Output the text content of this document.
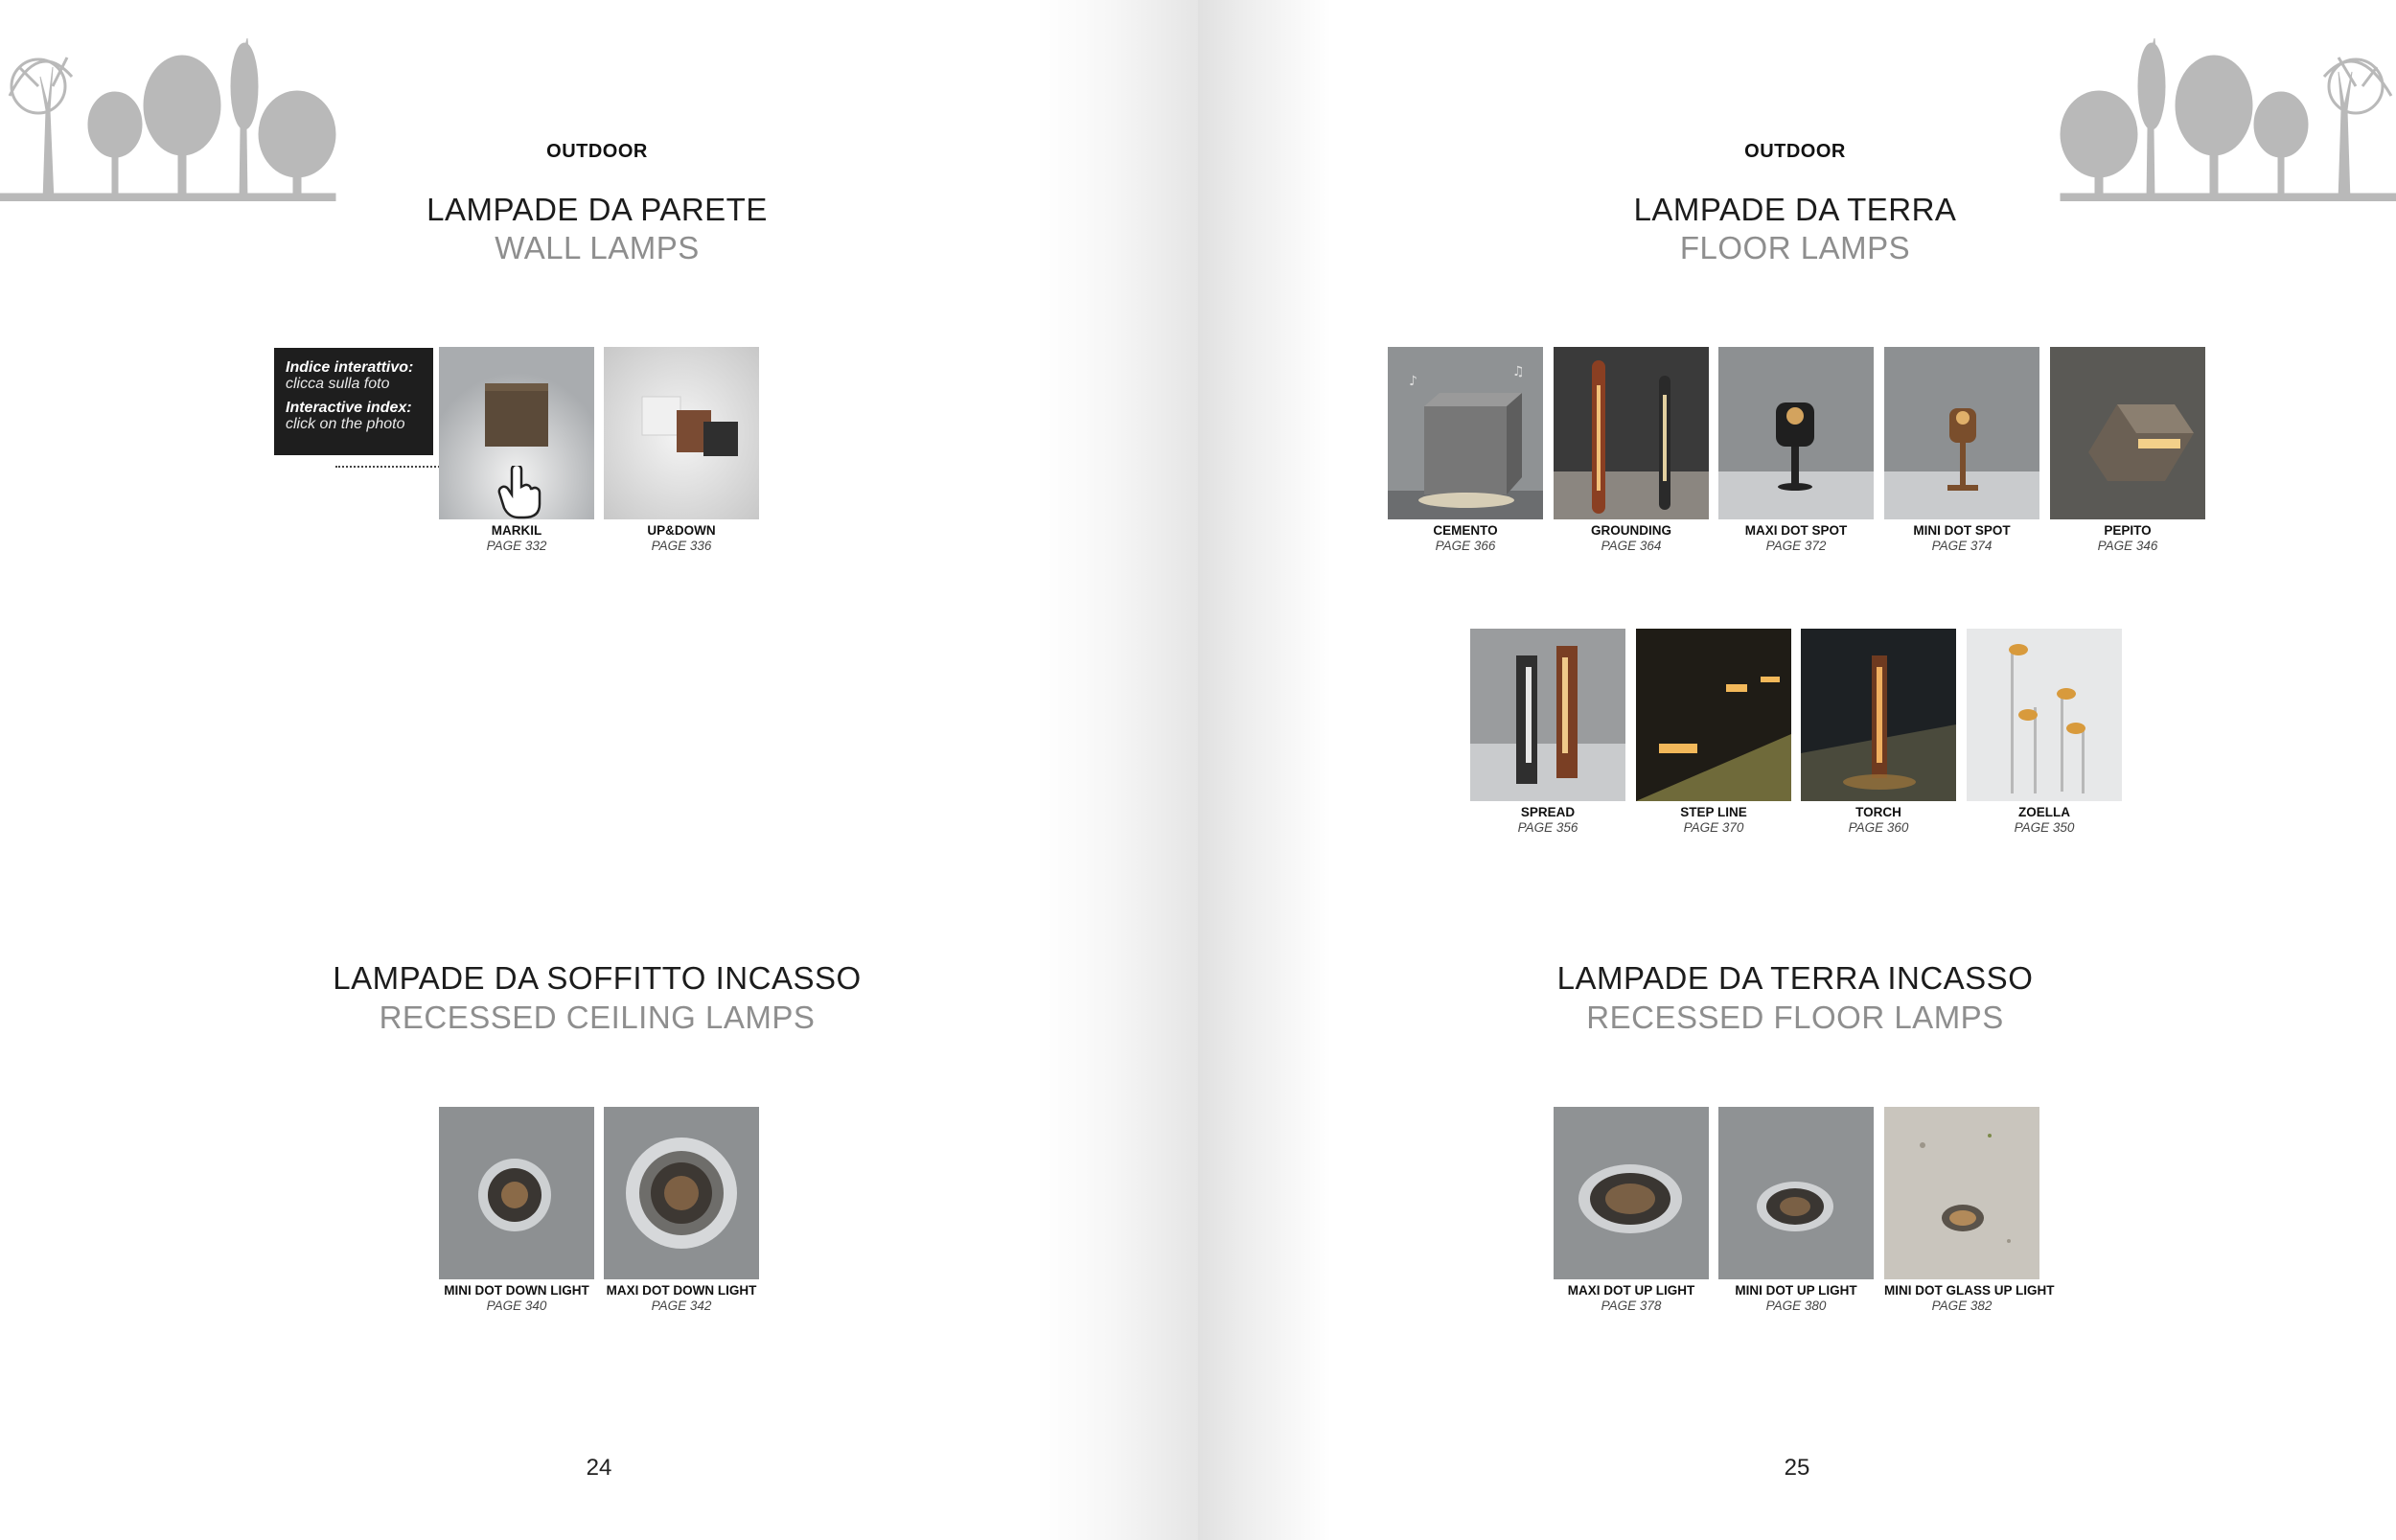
OUTDOOR
LAMPADE DA PARETE
WALL LAMPS
Indice interattivo:
clicca sulla foto
Interactive index:
click on the photo
MARKIL
PAGE 332
UP&DOWN
PAGE 336
LAMPADE DA SOFFITTO INCASSO
RECESSED CEILING LAMPS
MINI DOT DOWN LIGHT
PAGE 340
MAXI DOT DOWN LIGHT
PAGE 342
24
OUTDOOR
LAMPADE DA TERRA
FLOOR LAMPS
♪
♫
CEMENTO
PAGE 366
GROUNDING
PAGE 364
MAXI DOT SPOT
PAGE 372
MINI DOT SPOT
PAGE 374
PEPITO
PAGE 346
SPREAD
PAGE 356
STEP LINE
PAGE 370
TORCH
PAGE 360
ZOELLA
PAGE 350
LAMPADE DA TERRA INCASSO
RECESSED FLOOR LAMPS
MAXI DOT UP LIGHT
PAGE 378
MINI DOT UP LIGHT
PAGE 380
MINI DOT GLASS UP LIGHT
PAGE 382
25
